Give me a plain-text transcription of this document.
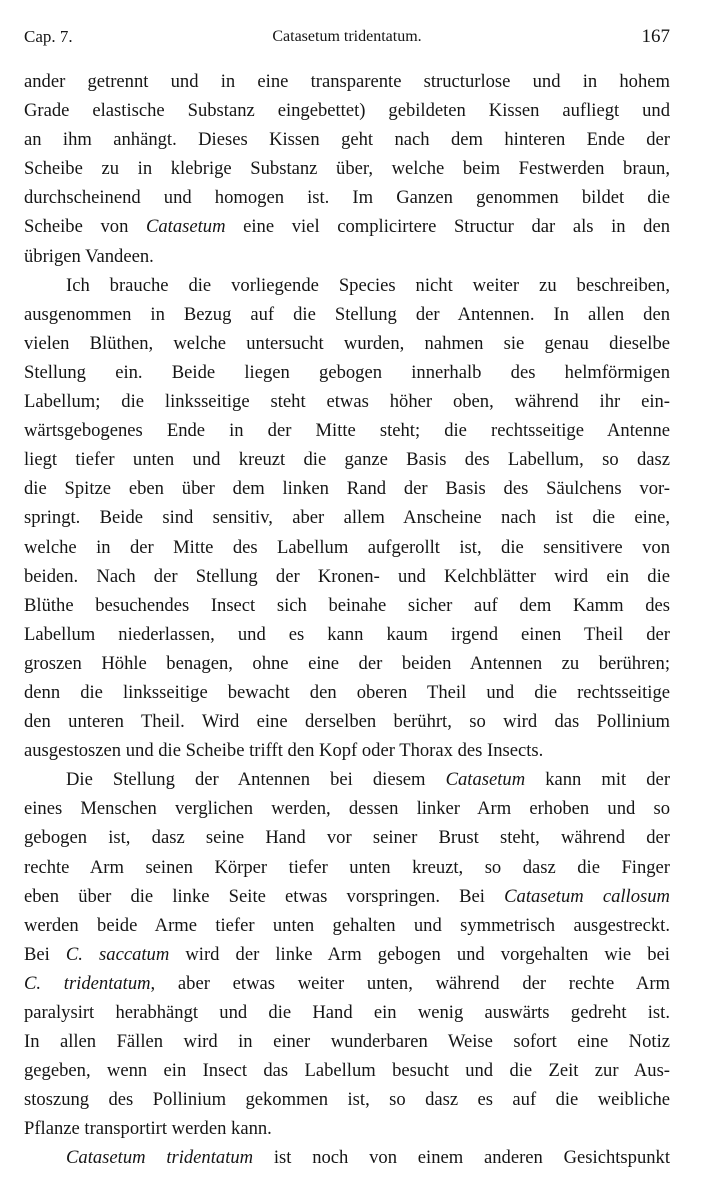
Cap. 7.	Catasetum tridentatum.	167
ander getrennt und in eine transparente structurlose und in hohem
Grade elastische Substanz eingebettet) gebildeten Kissen aufliegt und
an ihm anhängt. Dieses Kissen geht nach dem hinteren Ende der
Scheibe zu in klebrige Substanz über, welche beim Festwerden braun,
durchscheinend und homogen ist. Im Ganzen genommen bildet die
Scheibe von Catasetum eine viel complicirtere Structur dar als in den
übrigen Vandeen.
Ich brauche die vorliegende Species nicht weiter zu beschreiben,
ausgenommen in Bezug auf die Stellung der Antennen. In allen den
vielen Blüthen, welche untersucht wurden, nahmen sie genau dieselbe
Stellung ein. Beide liegen gebogen innerhalb des helmförmigen
Labellum; die linksseitige steht etwas höher oben, während ihr ein-
wärtsgebogenes Ende in der Mitte steht; die rechtsseitige Antenne
liegt tiefer unten und kreuzt die ganze Basis des Labellum, so dasz
die Spitze eben über dem linken Rand der Basis des Säulchens vor-
springt. Beide sind sensitiv, aber allem Anscheine nach ist die eine,
welche in der Mitte des Labellum aufgerollt ist, die sensitivere von
beiden. Nach der Stellung der Kronen- und Kelchblätter wird ein die
Blüthe besuchendes Insect sich beinahe sicher auf dem Kamm des
Labellum niederlassen, und es kann kaum irgend einen Theil der
groszen Höhle benagen, ohne eine der beiden Antennen zu berühren;
denn die linksseitige bewacht den oberen Theil und die rechtsseitige
den unteren Theil. Wird eine derselben berührt, so wird das Pollinium
ausgestoszen und die Scheibe trifft den Kopf oder Thorax des Insects.
Die Stellung der Antennen bei diesem Catasetum kann mit der
eines Menschen verglichen werden, dessen linker Arm erhoben und so
gebogen ist, dasz seine Hand vor seiner Brust steht, während der
rechte Arm seinen Körper tiefer unten kreuzt, so dasz die Finger
eben über die linke Seite etwas vorspringen. Bei Catasetum callosum
werden beide Arme tiefer unten gehalten und symmetrisch ausgestreckt.
Bei C. saccatum wird der linke Arm gebogen und vorgehalten wie bei
C. tridentatum, aber etwas weiter unten, während der rechte Arm
paralysirt herabhängt und die Hand ein wenig auswärts gedreht ist.
In allen Fällen wird in einer wunderbaren Weise sofort eine Notiz
gegeben, wenn ein Insect das Labellum besucht und die Zeit zur Aus-
stoszung des Pollinium gekommen ist, so dasz es auf die weibliche
Pflanze transportirt werden kann.
Catasetum tridentatum ist noch von einem anderen Gesichtspunkt
